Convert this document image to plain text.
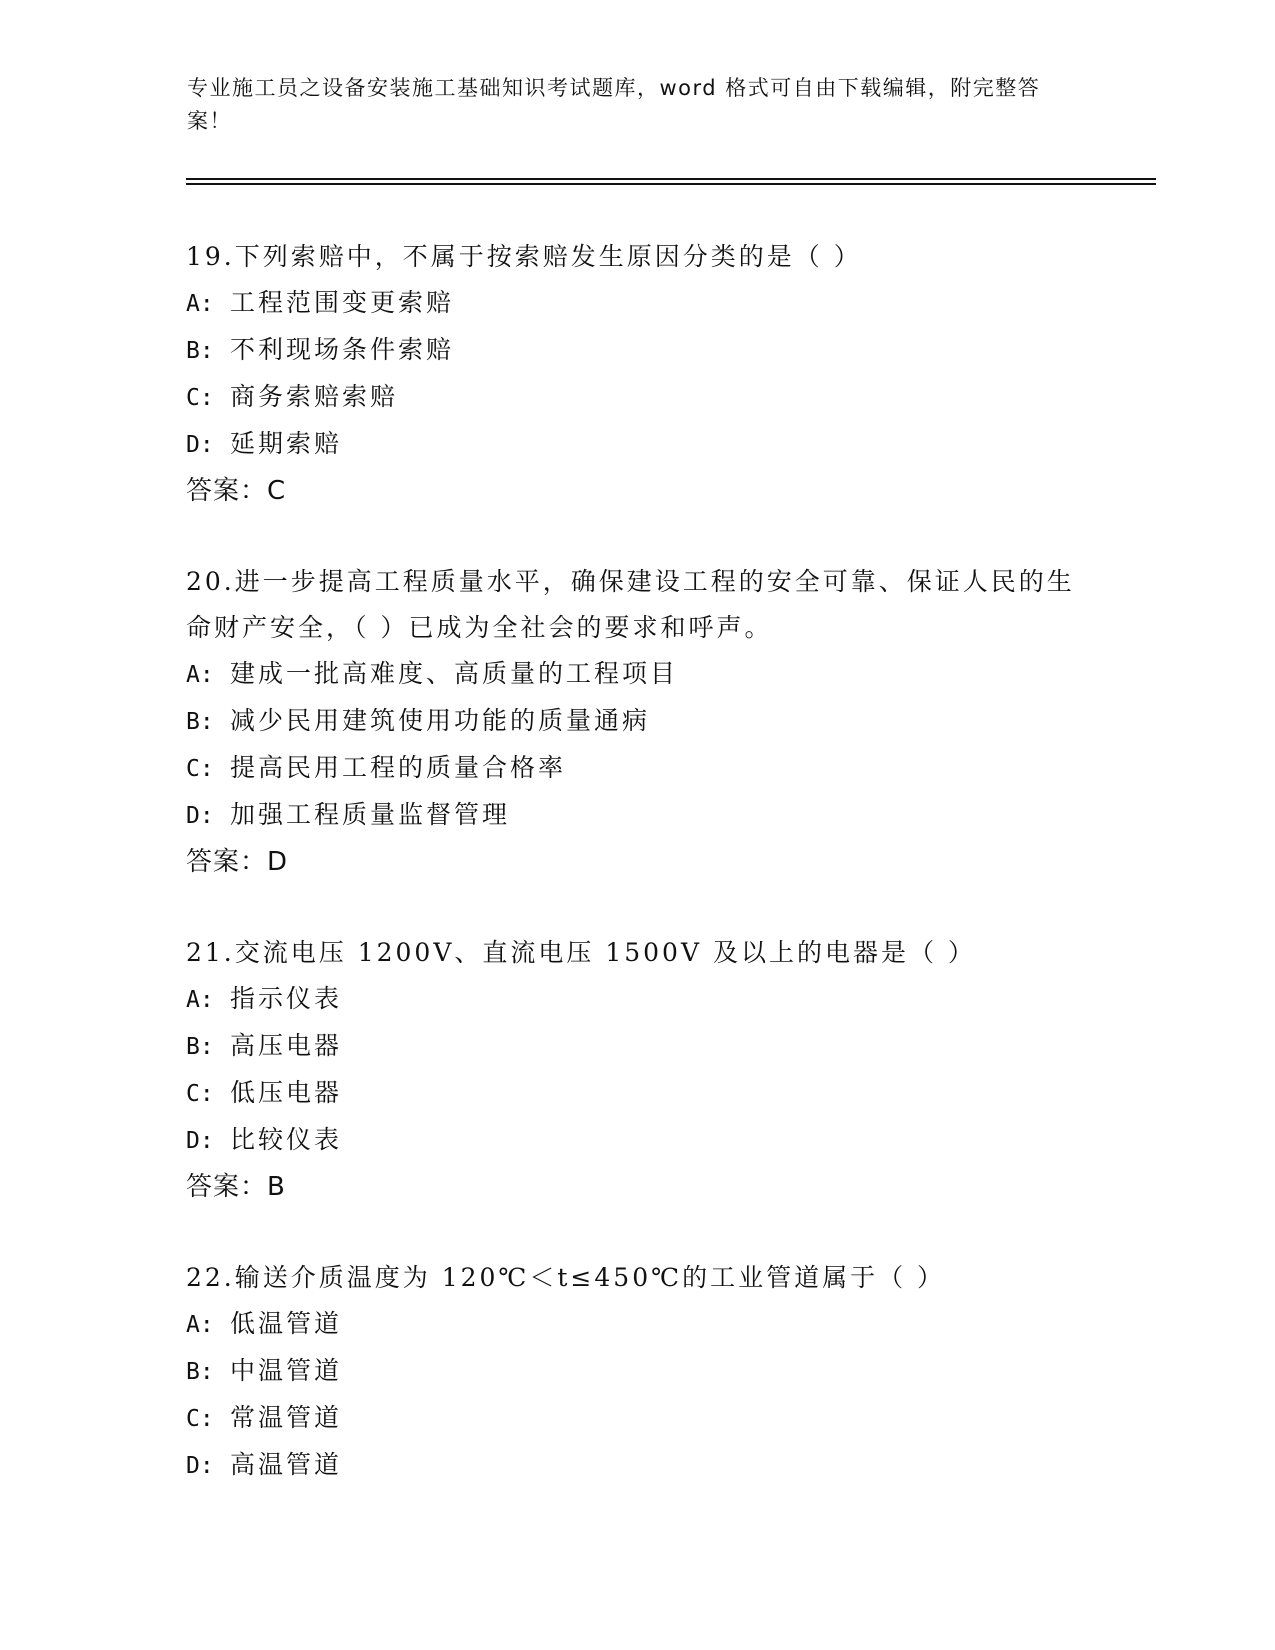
专业施工员之设备安装施工基础知识考试题库，word 格式可自由下载编辑，附完整答案！
19.下列索赔中，不属于按索赔发生原因分类的是（ ）
A: 工程范围变更索赔
B: 不利现场条件索赔
C: 商务索赔索赔
D: 延期索赔
答案：C
20.进一步提高工程质量水平，确保建设工程的安全可靠、保证人民的生命财产安全，（ ）已成为全社会的要求和呼声。
A: 建成一批高难度、高质量的工程项目
B: 减少民用建筑使用功能的质量通病
C: 提高民用工程的质量合格率
D: 加强工程质量监督管理
答案：D
21.交流电压 1200V、直流电压 1500V 及以上的电器是（ ）
A: 指示仪表
B: 高压电器
C: 低压电器
D: 比较仪表
答案：B
22.输送介质温度为 120℃＜t≤450℃的工业管道属于（ ）
A: 低温管道
B: 中温管道
C: 常温管道
D: 高温管道
